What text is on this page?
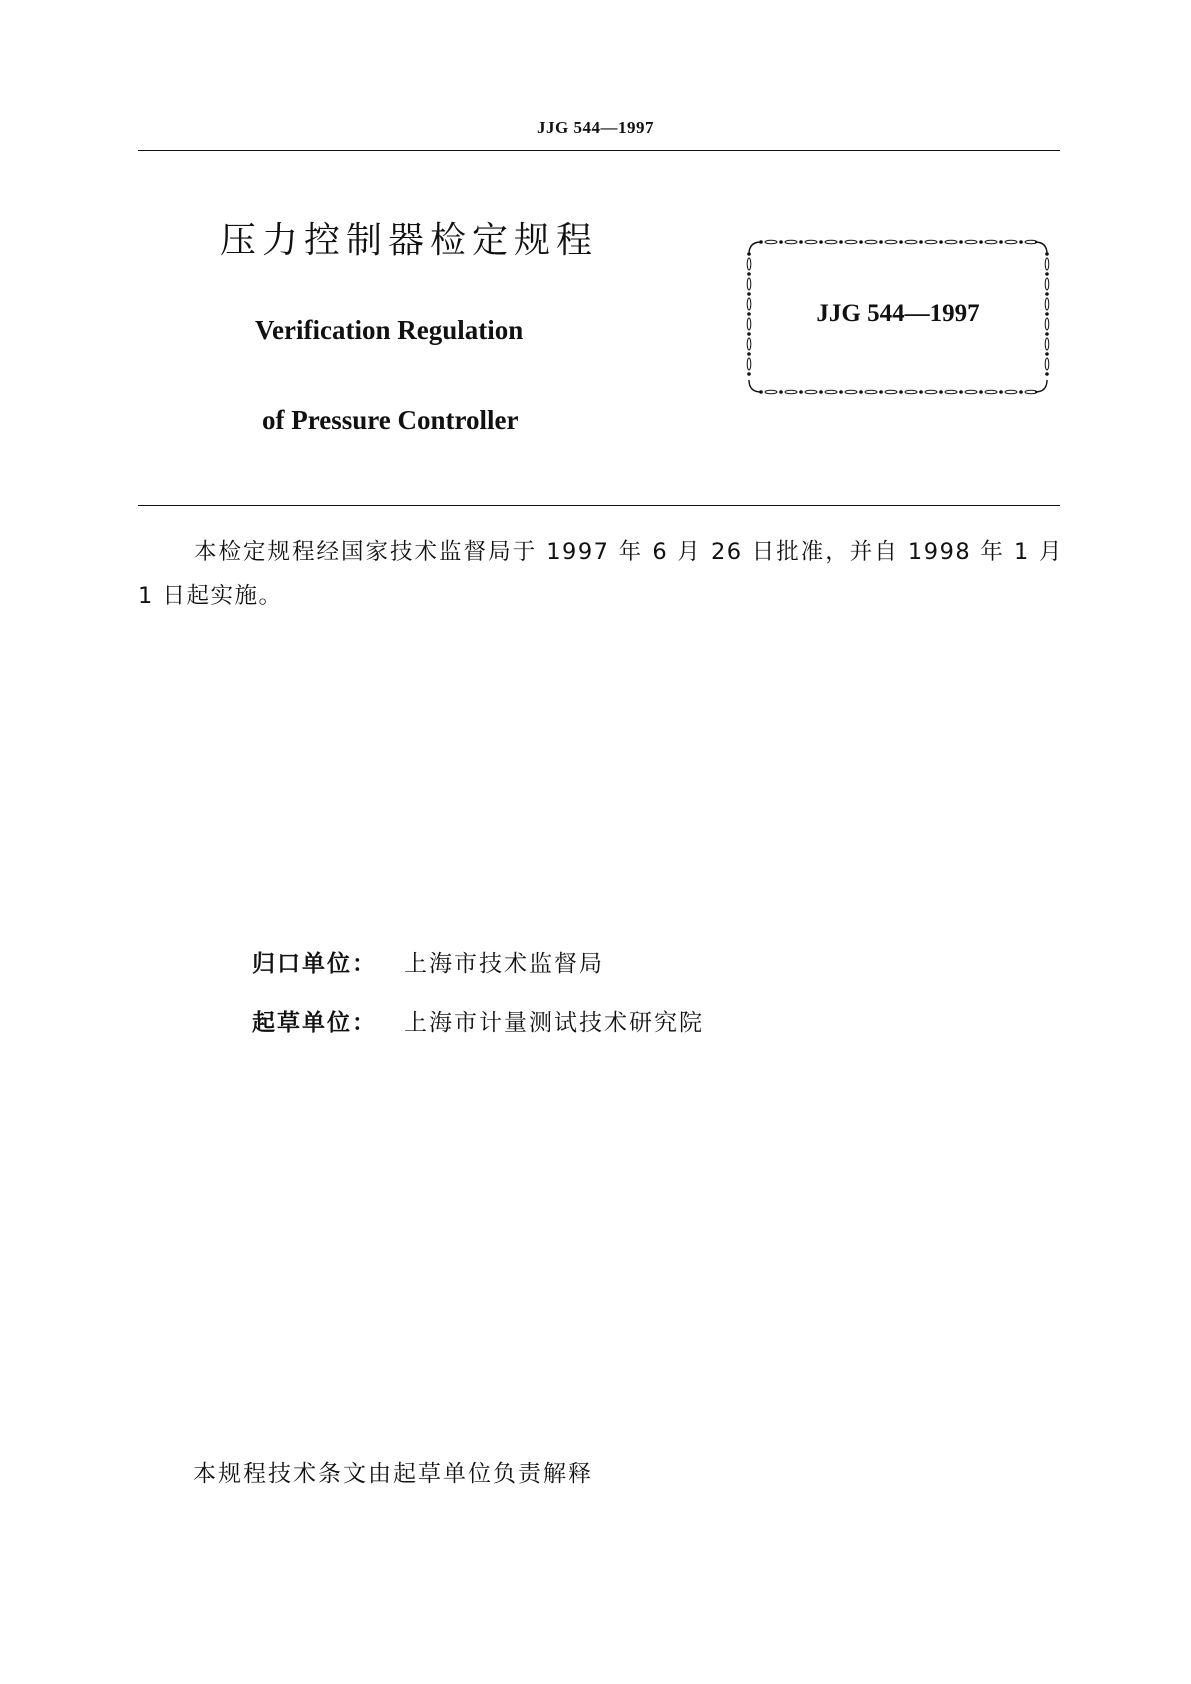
JJG 544—1997
压力控制器检定规程
Verification Regulation
of Pressure Controller
JJG 544—1997
本检定规程经国家技术监督局于 1997 年 6 月 26 日批准，并自 1998 年 1 月 1 日起实施。
归口单位： 上海市技术监督局
起草单位： 上海市计量测试技术研究院
本规程技术条文由起草单位负责解释
